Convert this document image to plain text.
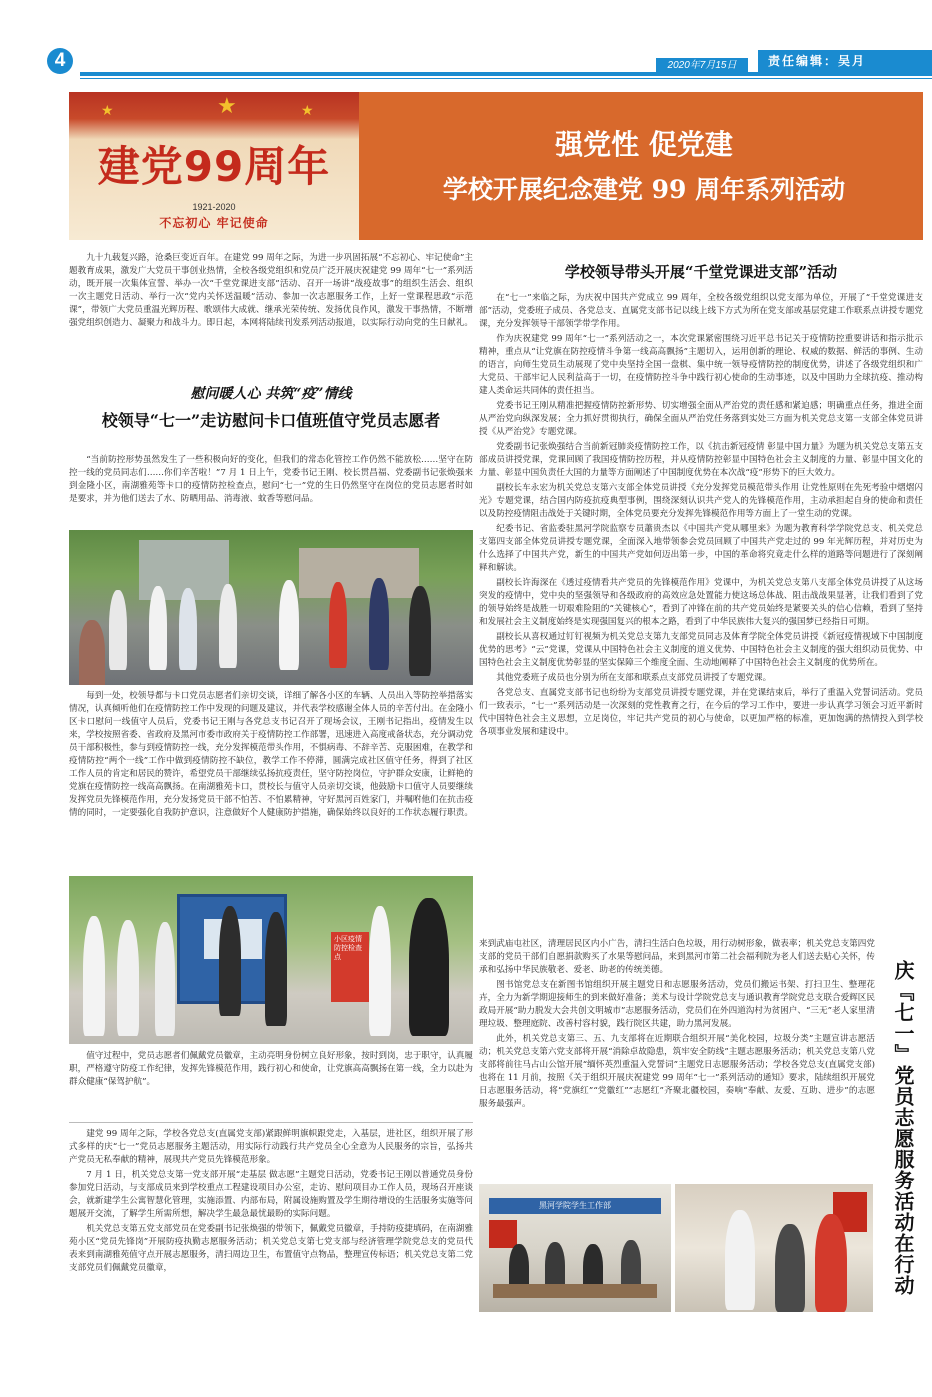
4	2020年7月15日	责任编辑：吴月
★
★	★
建党99周年
1921-2020
不忘初心 牢记使命
强党性 促党建
学校开展纪念建党 99 周年系列活动

九十九载复兴路，沧桑巨变近百年。在建党 99 周年之际，为进一步巩固拓展“不忘初心、牢记使命”主题教育成果，激发广大党员干事创业热情，全校各级党组织和党员广泛开展庆祝建党 99 周年“七一”系列活动，既开展一次集体宣誓、举办一次“千堂党课进支部”活动、召开一场讲“战疫故事”的组织生活会、组织一次主题党日活动、举行一次“党内关怀送温暖”活动、参加一次志愿服务工作，上好一堂课程思政“示范课”，带领广大党员重温光辉历程、歌颂伟大成就、继承光荣传统、发扬优良作风，激发干事热情，不断增强党组织创造力、凝聚力和战斗力。即日起，本网将陆续刊发系列活动报道，以实际行动向党的生日献礼。

慰问暖人心 共筑“疫”情线
校领导“七一”走访慰问卡口值班值守党员志愿者

“当前防控形势虽然发生了一些积极向好的变化，但我们的常态化管控工作仍然不能放松……坚守在防控一线的党员同志们……你们辛苦啦！”7 月 1 日上午，党委书记王刚、校长贯昌福、党委副书记张焕强来到金隆小区，南湖雅苑等卡口的疫情防控检查点，慰问“七一”党的生日仍然坚守在岗位的党员志愿者时如是要求，并为他们送去了水、防晒用品、消毒液、蚊香等慰问品。

每到一处，校领导都与卡口党员志愿者们亲切交谈，详细了解各小区的车辆、人员出入等防控举措落实情况，认真倾听他们在疫情防控工作中发现的问题及建议，并代表学校感谢全体人员的辛苦付出。在金隆小区卡口慰问一线值守人员后，党委书记王刚与各党总支书记召开了现场会议，王刚书记指出，疫情发生以来，学校按照省委、省政府及黑河市委市政府关于疫情防控工作部署，迅速进入高度戒备状态，充分调动党员干部积极性，参与到疫情防控一线，充分发挥模范带头作用，不惧病毒、不辞辛苦、克服困难，在教学和疫情防控“两个一线”工作中做到疫情防控不缺位，教学工作不停滞，圆满完成社区值守任务，得到了社区工作人员的肯定和居民的赞许，希望党员干部继续弘扬抗疫责任，坚守防控岗位，守护群众安康，让鲜艳的党旗在疫情防控一线高高飘扬。在南湖雅苑卡口，贯校长与值守人员亲切交谈，他鼓励卡口值守人员要继续发挥党员先锋模范作用，充分发扬党员干部不怕苦、不怕累精神，守好黑河百姓家门，并嘱咐他们在抗击疫情的同时，一定要强化自我防护意识，注意做好个人健康防护措施，确保始终以良好的工作状态履行职责。

小区疫情防控检查点

值守过程中，党员志愿者们佩戴党员徽章，主动亮明身份树立良好形象，按时到岗，忠于职守，认真履职，严格遵守防疫工作纪律，发挥先锋模范作用，践行初心和使命，让党旗高高飘扬在第一线，全力以赴为群众健康“保驾护航”。

学校领导带头开展“千堂党课进支部”活动

在“七一”来临之际，为庆祝中国共产党成立 99 周年，全校各级党组织以党支部为单位，开展了“千堂党课进支部”活动，党委班子成员、各党总支、直属党支部书记以线上线下方式为所在党支部或基层党建工作联系点讲授专题党课，充分发挥领导干部领学带学作用。

作为庆祝建党 99 周年“七一”系列活动之一，本次党课紧密围绕习近平总书记关于疫情防控重要讲话和指示批示精神，重点从“让党旗在防控疫情斗争第一线高高飘扬”主题切入，运用创新的理论、权威的数据、鲜活的事例、生动的语言，向师生党员生动展现了党中央坚持全国一盘棋、集中统一领导疫情防控的制度优势，讲述了各级党组织和广大党员、干部牢记人民利益高于一切，在疫情防控斗争中践行初心使命的生动事迹，以及中国助力全球抗疫、推动构建人类命运共同体的责任担当。

党委书记王刚从精准把握疫情防控新形势、切实增强全面从严治党的责任感和紧迫感；明确重点任务，推进全面从严治党向纵深发展；全力抓好贯彻执行，确保全面从严治党任务落到实处三方面为机关党总支第一支部全体党员讲授《从严治党》专题党课。

党委副书记张焕强结合当前新冠肺炎疫情防控工作，以《抗击新冠疫情 彰显中国力量》为题为机关党总支第五支部成员讲授党课，党课回顾了我国疫情防控历程，并从疫情防控彰显中国特色社会主义制度的力量、彰显中国文化的力量、彰显中国负责任大国的力量等方面阐述了中国制度优势在本次战“疫”形势下的巨大效力。

副校长车永宏为机关党总支第六支部全体党员讲授《充分发挥党员模范带头作用 让党性原则在先死考验中熠熠闪光》专题党课，结合国内防疫抗疫典型事例，围绕深刻认识共产党人的先锋模范作用，主动承担起自身的使命和责任以及防控疫情阻击战处于关键时期，全体党员要充分发挥先锋模范作用等方面上了一堂生动的党课。

纪委书记、省监委驻黑河学院监察专员蕭贵杰以《中国共产党从哪里来》为题为教育科学学院党总支、机关党总支第四支部全体党员讲授专题党课，全面深入地带领参会党员回顾了中国共产党走过的 99 年光辉历程，并对历史为什么选择了中国共产党，新生的中国共产党如何迈出第一步，中国的革命将究竟走什么样的道路等问题进行了深刻阐释和解读。

副校长许海深在《透过疫情看共产党员的先锋模范作用》党课中，为机关党总支第八支部全体党员讲授了从这场突发的疫情中，党中央的坚强领导和各级政府的高效应急处置能力使这场总体战、阻击战战果显著，让我们看到了党的领导始终是战胜一切艰难险阻的“关键核心”，看到了冲锋在前的共产党员始终是紧要关头的信心信赖，看到了坚持和发展社会主义制度始终是实现强国复兴的根本之路，看到了中华民族伟大复兴的强国梦已经指日可期。

副校长从喜权通过钉钉视频为机关党总支第九支部党员同志及体育学院全体党员讲授《新冠疫情视域下中国制度优势的思考》“云”党课，党课从中国特色社会主义制度的道义优势、中国特色社会主义制度的强大组织动员优势、中国特色社会主义制度优势彰显的坚实保障三个维度全面、生动地阐释了中国特色社会主义制度的优势所在。

其他党委班子成员也分别为所在支部和联系点支部党员讲授了专题党课。

各党总支、直属党支部书记也纷纷为支部党员讲授专题党课，并在党课结束后，举行了重温入党誓词活动。党员们一致表示，“七一”系列活动是一次深刻的党性教育之行，在今后的学习工作中，要进一步认真学习领会习近平新时代中国特色社会主义思想，立足岗位，牢记共产党员的初心与使命，以更加严格的标准，更加饱满的热情投入到学校各项事业发展和建设中。

建党 99 周年之际，学校各党总支(直属党支部)紧跟鲜明旗帜跟党走，入基层，进社区，组织开展了形式多样的庆“七一”党员志愿服务主题活动，用实际行动践行共产党员全心全意为人民服务的宗旨，弘扬共产党员无私奉献的精神，展现共产党员先锋模范形象。

7 月 1 日，机关党总支第一党支部开展“走基层 做志愿”主题党日活动，党委书记王刚以普通党员身份参加党日活动，与支部成员来到学校重点工程建设项目办公室，走访、慰问项目办工作人员，现场召开座谈会，就新建学生公寓智慧化管理，实施添置、内部布局，附属设施购置及学生期待增设的生活服务实施等问题展开交流，了解学生所需所想，解决学生最急最忧最盼的实际问题。

机关党总支第五党支部党员在党委副书记张焕强的带领下，佩戴党员徽章，手持防疫捷填码，在南湖雅苑小区“党员先锋岗”开展防疫执勤志愿服务活动；机关党总支第七党支部与经济管理学院党总支的党员代表来到南湖雅苑值守点开展志愿服务，清扫周边卫生，布置值守点物品，整理宣传标语；机关党总支第二党支部党员们佩戴党员徽章，

来到武庙屯社区，清理居民区内小广告，清扫生活白色垃圾，用行动树形象，做表率；机关党总支第四党支部的党员干部们自愿捐款购买了水果等慰问品，来到黑河市第二社会福利院为老人们送去贴心关怀，传承和弘扬中华民族敬老、爱老、助老的传统美德。

图书馆党总支在新图书馆组织开展主题党日和志愿服务活动，党员们搬运书架、打扫卫生、整理花卉，全力为新学期迎接师生的到来做好准备；美术与设计学院党总支与通识教育学院党总支联合爱辉区民政局开展“助力脱发大会共创文明城市”志愿服务活动，党员们在外四道沟村为贫困户、“三无”老人家里清理垃圾、整理庭院、改善村容村貌，践行院区共建，助力黑河发展。

此外，机关党总支第三、五、九支部将在近期联合组织开展“美化校园，垃圾分类”主题宣讲志愿活动；机关党总支第六党支部将开展“消除卓故隐患，筑牢安全防线”主题志愿服务活动；机关党总支第八党支部将前往马占山公馆开展“缅怀英烈重温入党誓词”主题党日志愿服务活动；学校各党总支(直属党支部)也将在 11 月前，按照《关于组织开展庆祝建党 99 周年“七一”系列活动的通知》要求，陆续组织开展党日志愿服务活动，将“党旗红”“党徽红”“志愿红”齐聚北疆校园，奏响“奉献、友爱、互助、进步”的志愿服务最强声。	庆『七一』党员志愿服务活动在行动
黑河学院学生工作部
